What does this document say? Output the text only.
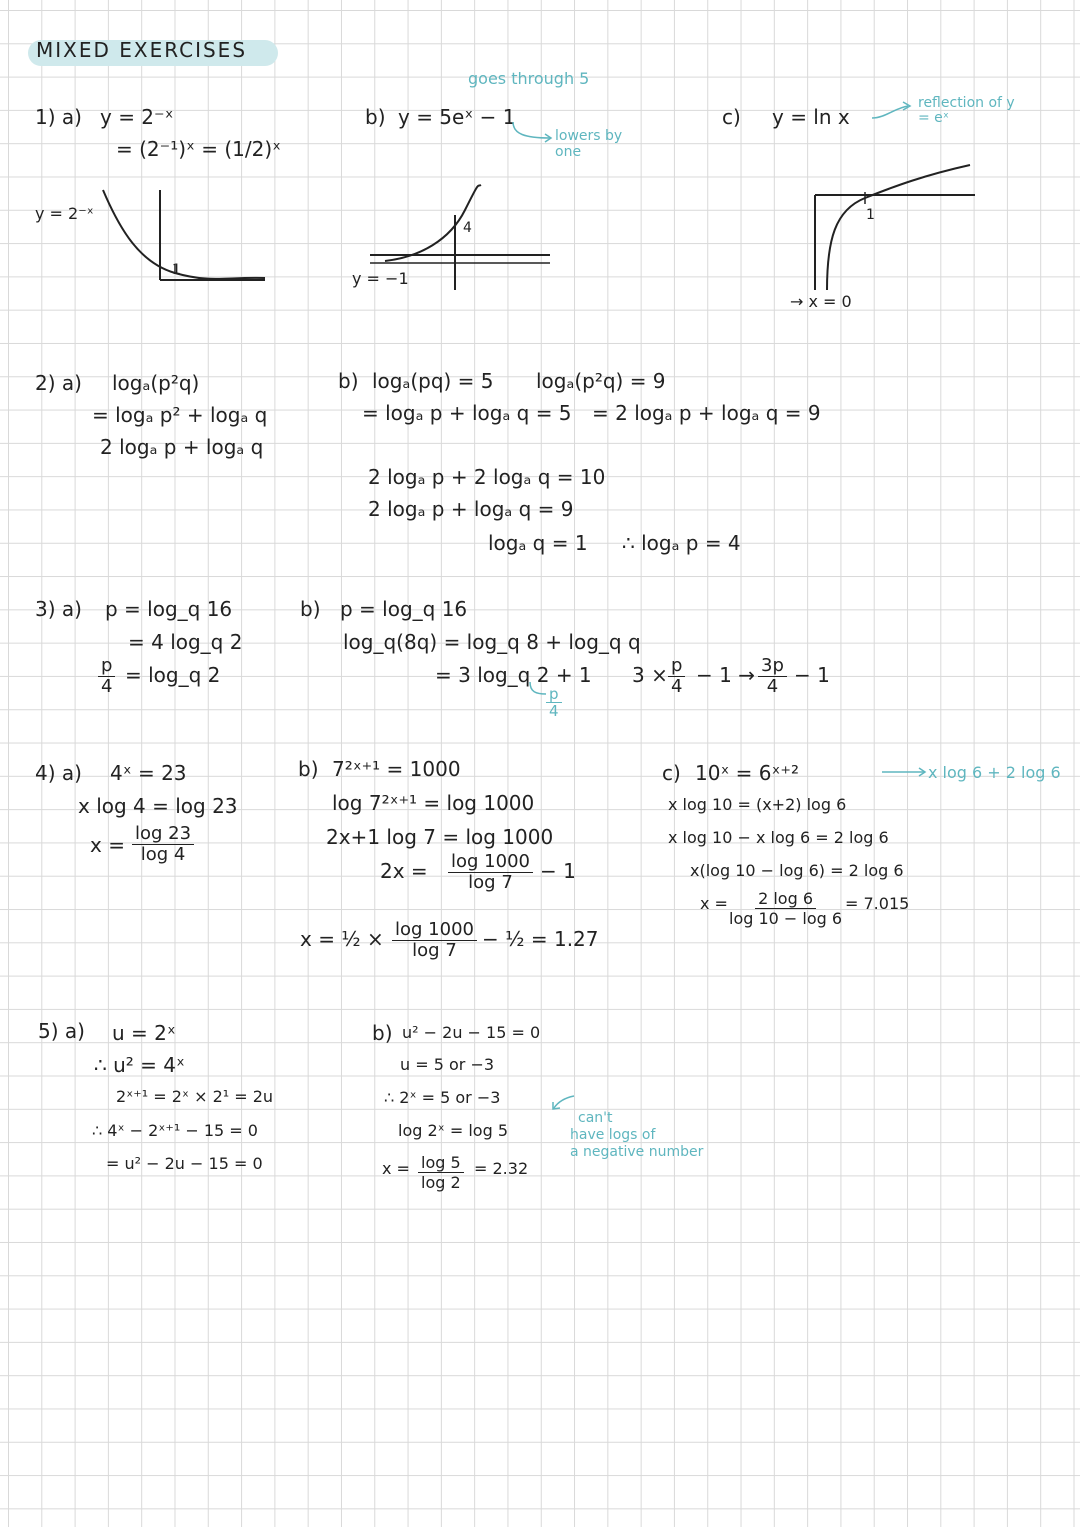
MIXED EXERCISES
1) a) y = 2⁻ˣ
= (2⁻¹)ˣ = (1/2)ˣ
y = 2⁻ˣ
1
b) y = 5eˣ − 1
goes through 5
lowers by one
4
y = −1
c) y = ln x
reflection of y = eˣ
1
→ x = 0
2) a) logₐ(p²q)
= logₐ p² + logₐ q
2 logₐ p + logₐ q
b) logₐ(pq) = 5 logₐ(p²q) = 9
= logₐ p + logₐ q = 5 = 2 logₐ p + logₐ q = 9
2 logₐ p + 2 logₐ q = 10
2 logₐ p + logₐ q = 9
logₐ q = 1 ∴ logₐ p = 4
3) a) p = log_q 16
= 4 log_q 2
$\frac{p}{4}$ = log_q 2
b) p = log_q 16
log_q(8q) = log_q 8 + log_q q
= 3 log_q 2 + 1
$\frac{p}{4}$
$3 \times \frac{p}{4} - 1 \to \frac{3p}{4} - 1$
4) a) 4ˣ = 23
x log 4 = log 23
$x = \frac{\log 23}{\log 4}$
b) 7²ˣ⁺¹ = 1000
log 7²ˣ⁺¹ = log 1000
2x+1 log 7 = log 1000
$2x = \frac{\log 1000}{\log 7} - 1$
x = ½ × $\frac{\log 1000}{\log 7}$ − ½ = 1.27
c) 10ˣ = 6ˣ⁺²	x log 6 + 2 log 6
x log 10 = (x+2) log 6
x log 10 − x log 6 = 2 log 6
x(log 10 − log 6) = 2 log 6
x =
$\frac{2 \log 6}{\log 10 - \log 6} = 7.015$
5) a) u = 2ˣ
∴ u² = 4ˣ
2ˣ⁺¹ = 2ˣ × 2¹ = 2u
∴ 4ˣ − 2ˣ⁺¹ − 15 = 0
= u² − 2u − 15 = 0
b) u² − 2u − 15 = 0
u = 5 or −3
∴ 2ˣ = 5 or −3
log 2ˣ = log 5
$x = \frac{\log 5}{\log 2} = 2.32$
can't
have logs of
a negative number
